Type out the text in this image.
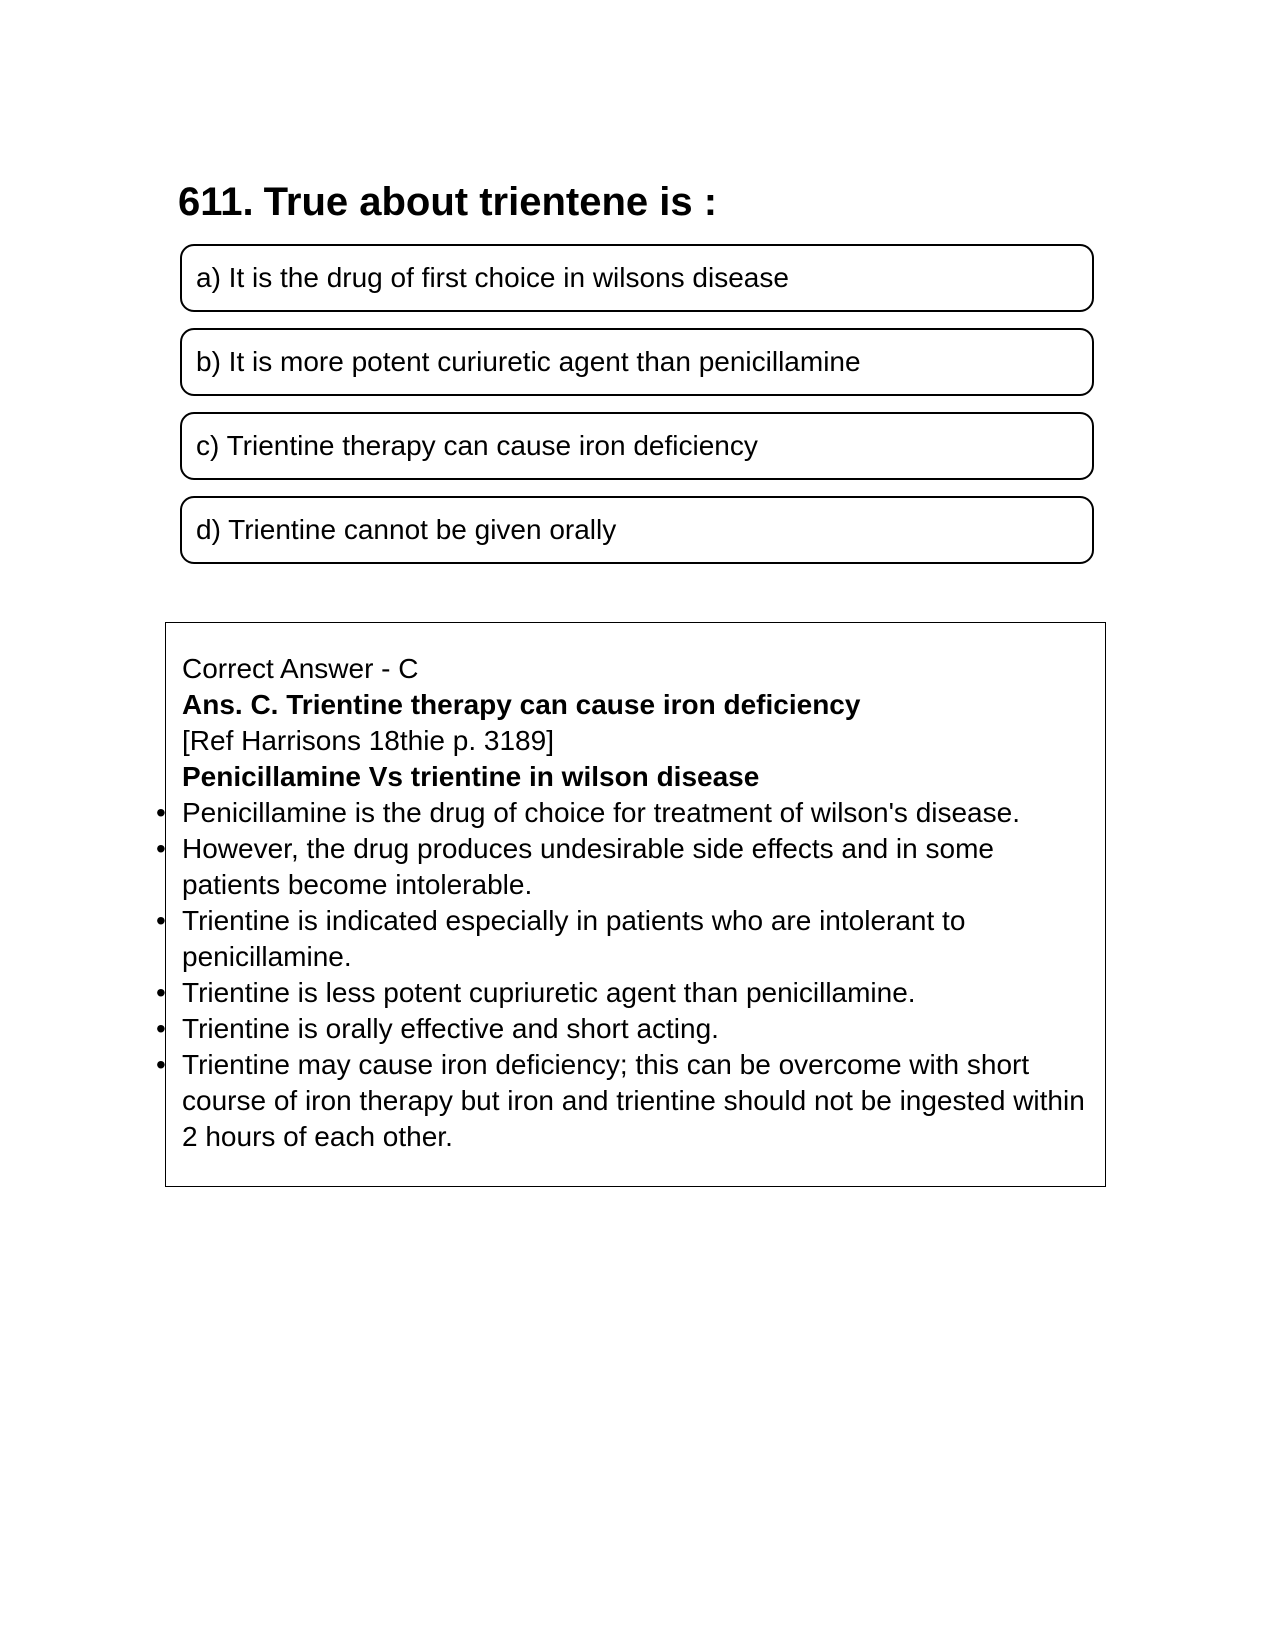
611. True about trientene is :
a) It is the drug of first choice in wilsons disease
b) It is more potent curiuretic agent than penicillamine
c) Trientine therapy can cause iron deficiency
d) Trientine cannot be given orally
Correct Answer - C
Ans. C. Trientine therapy can cause iron deficiency
[Ref Harrisons 18thie p. 3189]
Penicillamine Vs trientine in wilson disease
• Penicillamine is the drug of choice for treatment of wilson's disease.
• However, the drug produces undesirable side effects and in some patients become intolerable.
• Trientine is indicated especially in patients who are intolerant to penicillamine.
• Trientine is less potent cupriuretic agent than penicillamine.
• Trientine is orally effective and short acting.
• Trientine may cause iron deficiency; this can be overcome with short course of iron therapy but iron and trientine should not be ingested within 2 hours of each other.
